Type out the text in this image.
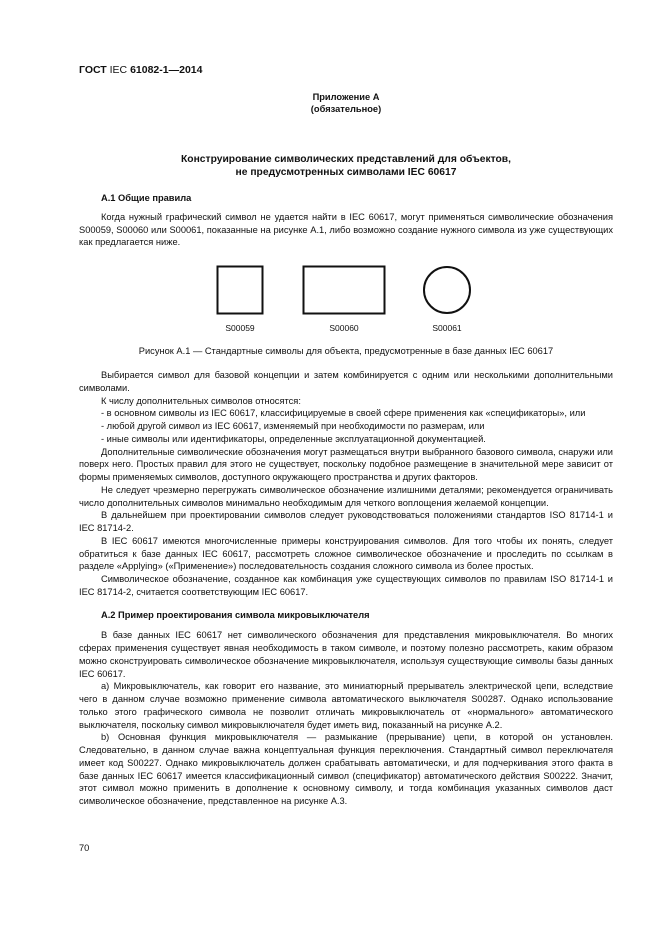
ГОСТ IEC 61082-1—2014
Приложение А
(обязательное)
Конструирование символических представлений для объектов,
не предусмотренных символами IEC 60617
А.1 Общие правила

Когда нужный графический символ не удается найти в IEC 60617, могут применяться символические обозначения S00059, S00060 или S00061, показанные на рисунке А.1, либо возможно создание нужного символа из уже существующих как предлагается ниже.

S00059	S00060	S00061
Рисунок А.1 — Стандартные символы для объекта, предусмотренные в базе данных IEC 60617

Выбирается символ для базовой концепции и затем комбинируется с одним или несколькими дополнительными символами.

К числу дополнительных символов относятся:

- в основном символы из IEC 60617, классифицируемые в своей сфере применения как «спецификаторы», или

- любой другой символ из IEC 60617, изменяемый при необходимости по размерам, или

- иные символы или идентификаторы, определенные эксплуатационной документацией.

Дополнительные символические обозначения могут размещаться внутри выбранного базового символа, снаружи или поверх него. Простых правил для этого не существует, поскольку подобное размещение в значительной мере зависит от формы применяемых символов, доступного окружающего пространства и других факторов.

Не следует чрезмерно перегружать символическое обозначение излишними деталями; рекомендуется ограничивать число дополнительных символов минимально необходимым для четкого воплощения желаемой концепции.

В дальнейшем при проектировании символов следует руководствоваться положениями стандартов ISO 81714-1 и IEC 81714-2.

В IEC 60617 имеются многочисленные примеры конструирования символов. Для того чтобы их понять, следует обратиться к базе данных IEC 60617, рассмотреть сложное символическое обозначение и проследить по ссылкам в разделе «Applying» («Применение») последовательность создания сложного символа из более простых.

Символическое обозначение, созданное как комбинация уже существующих символов по правилам ISO 81714-1 и IEC 81714-2, считается соответствующим IEC 60617.

А.2 Пример проектирования символа микровыключателя

В базе данных IEC 60617 нет символического обозначения для представления микровыключателя. Во многих сферах применения существует явная необходимость в таком символе, и поэтому полезно рассмотреть, каким образом можно сконструировать символическое обозначение микровыключателя, используя существующие символы базы данных IEC 60617.

a) Микровыключатель, как говорит его название, это миниатюрный прерыватель электрической цепи, вследствие чего в данном случае возможно применение символа автоматического выключателя S00287. Однако использование только этого графического символа не позволит отличать микровыключатель от «нормального» автоматического выключателя, поскольку символ микровыключателя будет иметь вид, показанный на рисунке А.2.

b) Основная функция микровыключателя — размыкание (прерывание) цепи, в которой он установлен. Следовательно, в данном случае важна концептуальная функция переключения. Стандартный символ переключателя имеет код S00227. Однако микровыключатель должен срабатывать автоматически, и для подчеркивания этого факта в базе данных IEC 60617 имеется классификационный символ (спецификатор) автоматического действия S00222. Значит, этот символ можно применить в дополнение к основному символу, и тогда комбинация указанных символов даст символическое обозначение, представленное на рисунке А.3.

70
